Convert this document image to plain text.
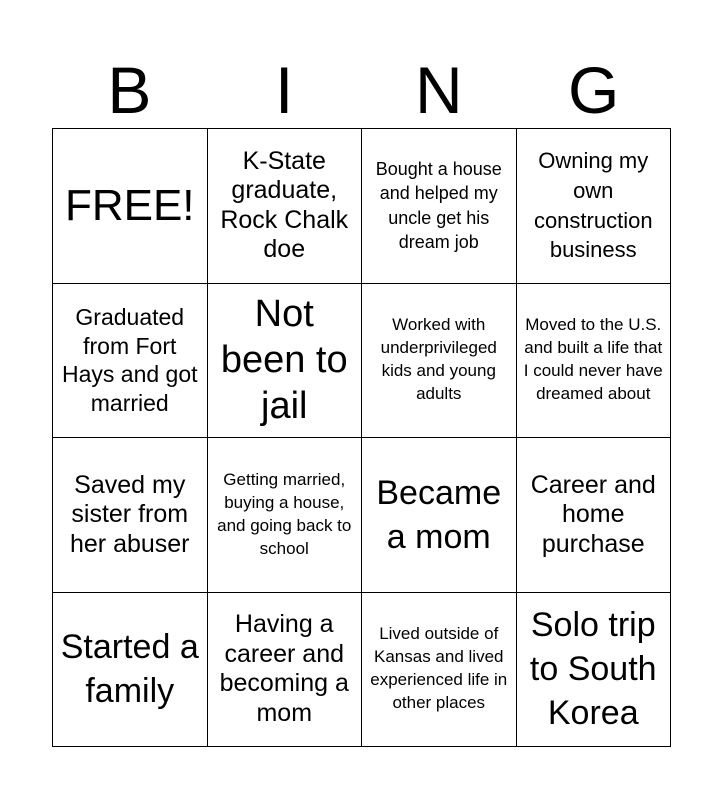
B	I	N	G
FREE!
K-State graduate, Rock Chalk doe
Bought a house and helped my uncle get his dream job
Owning my own construction business
Graduated from Fort Hays and got married
Not been to jail
Worked with underprivileged kids and young adults
Moved to the U.S. and built a life that I could never have dreamed about
Saved my sister from her abuser
Getting married, buying a house, and going back to school
Became a mom
Career and home purchase
Started a family
Having a career and becoming a mom
Lived outside of Kansas and lived experienced life in other places
Solo trip to South Korea
